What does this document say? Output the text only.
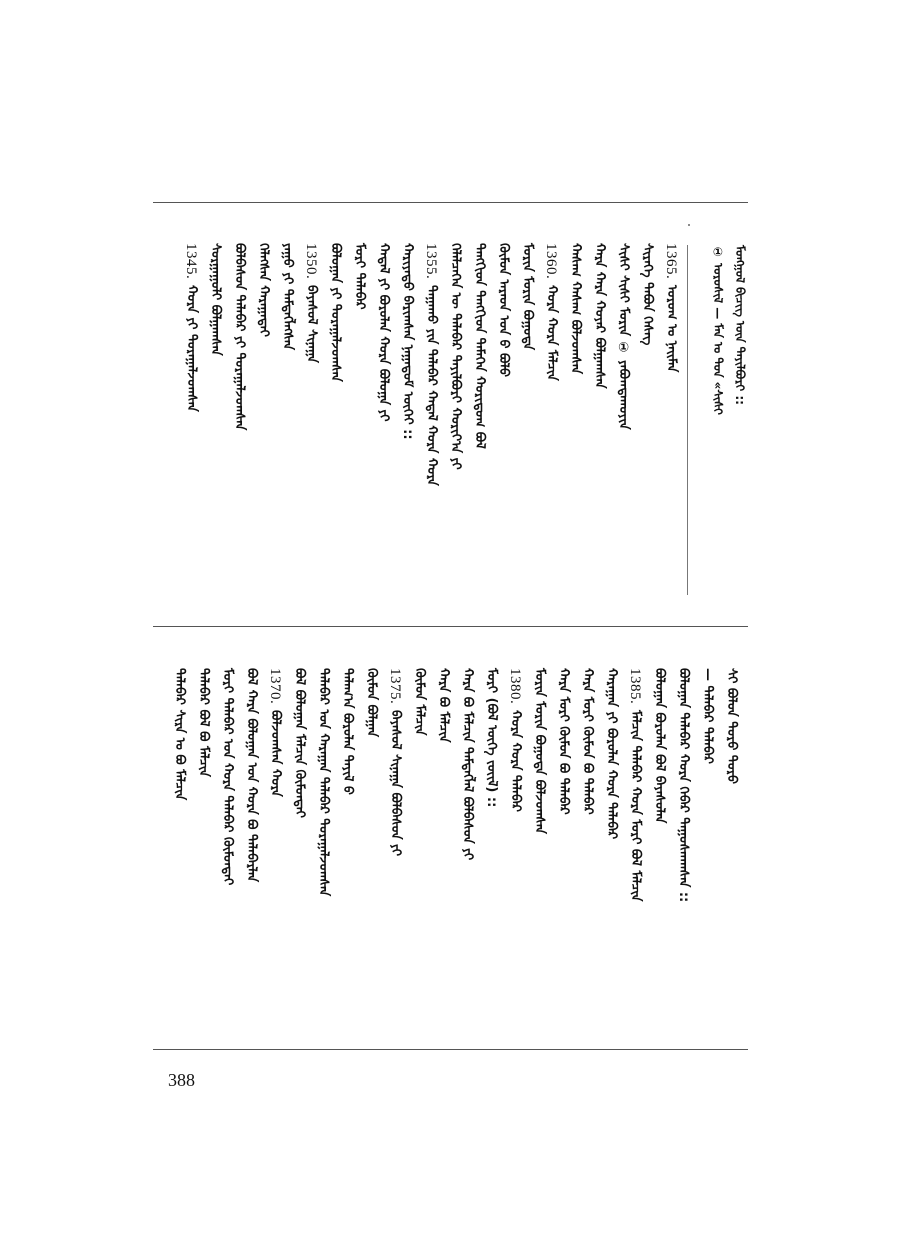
ᠮᠣᠩᠭᠣᠯ ᠪᠢᠴᠢᠭ ᠦᠨ ᠲᠠᠶᠢᠯᠪᠤᠷᠢ ::
① ᠣᠷᠣᠰᠢᠯ — ᠮᠠᠨ ᠤ ᠳᠤᠨ «ᠰᠢᠰᠢ
1365.ᠤᠷᠤᠭ ᠤ ᠨᠠᠢᠮᠠᠨ
ᠰᠢᠷᠡᠭᠡ ᠲᠠᠪᠤᠨ ᠬᠡᠰᠡᠭ
ᠰᠢᠰᠢ ᠰᠢᠰᠢ ᠮᠣᠷᠢᠨ ① ᠶᠠᠪᠤᠭᠳᠠᠬᠤᠶᠢᠨ
ᠬᠠᠷᠠ ᠬᠠᠷᠠ ᠬᠣᠶᠠᠷ ᠪᠣᠯᠭᠠᠭᠰᠠᠨ
ᠬᠠᠰᠠᠭ ᠬᠠᠰᠠᠭ ᠪᠣᠯᠵᠤᠭᠰᠠᠨ
1360.ᠬᠤᠷᠠ ᠬᠤᠷᠠ ᠮᠠᠯᠴᠢᠨ
ᠮᠣᠷᠢᠨ ᠮᠣᠷᠢᠨ ᠪᠣᠭᠣᠳᠠ
ᠬᠦᠮᠦᠨ ᠠᠷᠠᠳ ᠤᠨ ᠪ ᠪᠣᠯᠤ
ᠲᠠᠩᠭᠢᠳ ᠲᠠᠩᠭᠢᠳ ᠲᠡᠮᠡᠭᠡᠨ ᠬᠣᠷᠢᠳᠤᠭ ᠪᠣᠯ
ᠬᠡᠯᠡᠯᠴᠡᠭᠡᠨ ᠦ ᠲᠠᠯᠠᠪᠠᠷ ᠲᠠᠶᠢᠯᠪᠤᠷᠢ ᠬᠣᠷᠢᠶ᠎ᠠ ᠶᠢ
1355.ᠳᠠᠭᠠᠬᠤ ᠶᠢᠨ ᠲᠠᠯᠠᠪᠠᠷ ᠬᠠᠳᠠᠯ ᠬᠤᠷᠠ ᠬᠤᠷᠠ
ᠬᠠᠷᠢᠶᠠᠲᠤ ᠪᠠᠷᠢᠭᠰᠠᠨ ᠨᠠᠭᠠᠳᠤᠮ ᠦᠭᠡᠢ ::
ᠬᠠᠳᠠᠯ ᠶᠢ ᠪᠣᠷᠤᠯᠠᠨ ᠬᠤᠷᠠ ᠪᠤᠯᠤᠭᠠ ᠶᠢ
ᠮᠣᠷᠢ ᠲᠠᠯᠠᠪᠠᠷ
ᠪᠣᠯᠤᠭᠠᠨ ᠶᠢ ᠲᠤᠷᠠᠭᠠᠯᠵᠤᠭᠰᠠᠨ
1350.ᠪᠠᠶᠠᠰᠤᠯ ᠰᠢᠨᠠᠭᠠ
ᠶᠠᠭᠤ ᠶᠢ ᠲᠡᠮᠳᠡᠭᠯᠡᠭᠰᠡᠨ
ᠬᠡᠯᠡᠭᠰᠡᠨ ᠬᠠᠷᠠᠭᠠᠲᠠᠶ
ᠪᠣᠯᠪᠠᠰᠤᠨ ᠲᠠᠯᠠᠪᠠᠷ ᠶᠢ ᠲᠤᠷᠠᠭᠠᠯᠵᠤᠭᠰᠠᠨ
ᠰᠤᠷᠭᠠᠭᠤᠯᠢ ᠪᠣᠯᠭᠠᠭᠰᠠᠨ
1345.ᠬᠤᠷᠠ ᠶᠢ ᠲᠤᠷᠠᠭᠠᠯᠵᠤᠭᠰᠠᠨ
ᠰᠢ ᠪᠣᠯᠤᠨ ᠲᠤᠷᠤ ᠲᠤᠷᠤ
— ᠲᠠᠯᠠᠪᠠᠷ ᠲᠠᠯᠠᠪᠠᠷ
ᠪᠣᠯᠤᠭᠠᠨ ᠲᠠᠯᠠᠪᠠᠷ ᠬᠤᠷᠠ ᠬᠡᠪᠡᠷ ᠳᠠᠭᠤᠰᠬᠠᠭᠰᠠᠨ ::
ᠪᠣᠯᠤᠭᠠᠨ ᠪᠣᠷᠤᠯᠠᠨ ᠪᠣᠯ ᠪᠠᠶᠠᠰᠤᠯᠠᠨ
1385.ᠮᠠᠯᠴᠢᠨ ᠲᠠᠯᠠᠪᠠᠷ ᠬᠤᠷᠠ ᠮᠣᠷᠢ ᠪᠣᠯ ᠮᠠᠯᠴᠢᠨ
ᠬᠠᠷᠠᠭᠠᠨ ᠶᠢ ᠪᠣᠷᠤᠯᠠᠨ ᠬᠤᠷᠠ ᠲᠠᠯᠠᠪᠠᠷ
ᠬᠠᠷᠠ ᠮᠣᠷᠢ ᠬᠦᠮᠦᠨ ᠪᠣ ᠲᠠᠯᠠᠪᠠᠷ
ᠬᠠᠷᠠ ᠮᠣᠷᠢ ᠬᠦᠮᠦᠨ ᠪᠣ ᠲᠠᠯᠠᠪᠠᠷ
ᠮᠣᠷᠢᠨ ᠮᠣᠷᠢᠨ ᠪᠣᠭᠣᠳᠠ ᠪᠣᠯᠵᠤᠭᠰᠠᠨ
1380.ᠬᠤᠷᠠ ᠬᠤᠷᠠ ᠲᠠᠯᠠᠪᠠᠷ
ᠮᠣᠷᠢ (ᠪᠣᠯ ᠦᠭᠡ ᠵᠦᠢᠯ) ::
ᠬᠠᠷᠠ ᠪᠣ ᠮᠠᠯᠴᠢᠨ ᠲᠡᠮᠳᠡᠭᠯᠡᠯ ᠪᠣᠯᠪᠠᠰᠤᠨ ᠶᠢ
ᠬᠠᠷᠠ ᠪᠣ ᠮᠠᠯᠴᠢᠨ
ᠬᠦᠮᠦᠨ ᠮᠠᠯᠴᠢᠨ
1375.ᠪᠠᠶᠠᠰᠤᠯ ᠰᠢᠨᠠᠭᠠ ᠪᠣᠯᠪᠠᠰᠤᠨ ᠶᠢ
ᠬᠦᠮᠦᠨ ᠪᠣᠯᠭᠠᠨ
ᠲᠠᠯᠠᠭ᠎ᠠ ᠪᠣᠷᠤᠯᠠᠨ ᠲᠠᠶᠢᠯ ᠪ
ᠲᠠᠯᠠᠪᠠᠷ ᠤᠨ ᠬᠠᠷᠠᠭᠠᠨ ᠲᠠᠯᠠᠪᠠᠷ ᠲᠤᠷᠠᠭᠠᠯᠵᠤᠭᠰᠠᠨ
ᠪᠣᠯ ᠪᠣᠯᠤᠭᠠᠨ ᠮᠠᠯᠴᠢᠨ ᠬᠦᠮᠦᠨᠲᠡᠢ
1370.ᠪᠣᠯᠵᠤᠭᠰᠠᠨ ᠬᠤᠷᠠ
ᠪᠣᠯ ᠬᠠᠷᠠ ᠪᠣᠯᠤᠭᠠᠨ ᠤᠨ ᠬᠤᠷᠠ ᠪᠣ ᠲᠠᠯᠠᠪᠠᠷᠯᠠᠨ
ᠮᠣᠷᠢ ᠲᠠᠯᠠᠪᠠᠷ ᠤᠨ ᠬᠤᠷᠠ ᠲᠠᠯᠠᠪᠠᠷ ᠬᠦᠮᠦᠨᠲᠡᠢ
ᠲᠠᠯᠠᠪᠠᠷ ᠪᠣᠯ ᠪᠣ ᠮᠠᠯᠴᠢᠨ
ᠲᠠᠯᠠᠪᠠᠷ ᠰᠢᠷᠠ ᠤ ᠪᠣ ᠮᠠᠯᠴᠢᠨ
388
